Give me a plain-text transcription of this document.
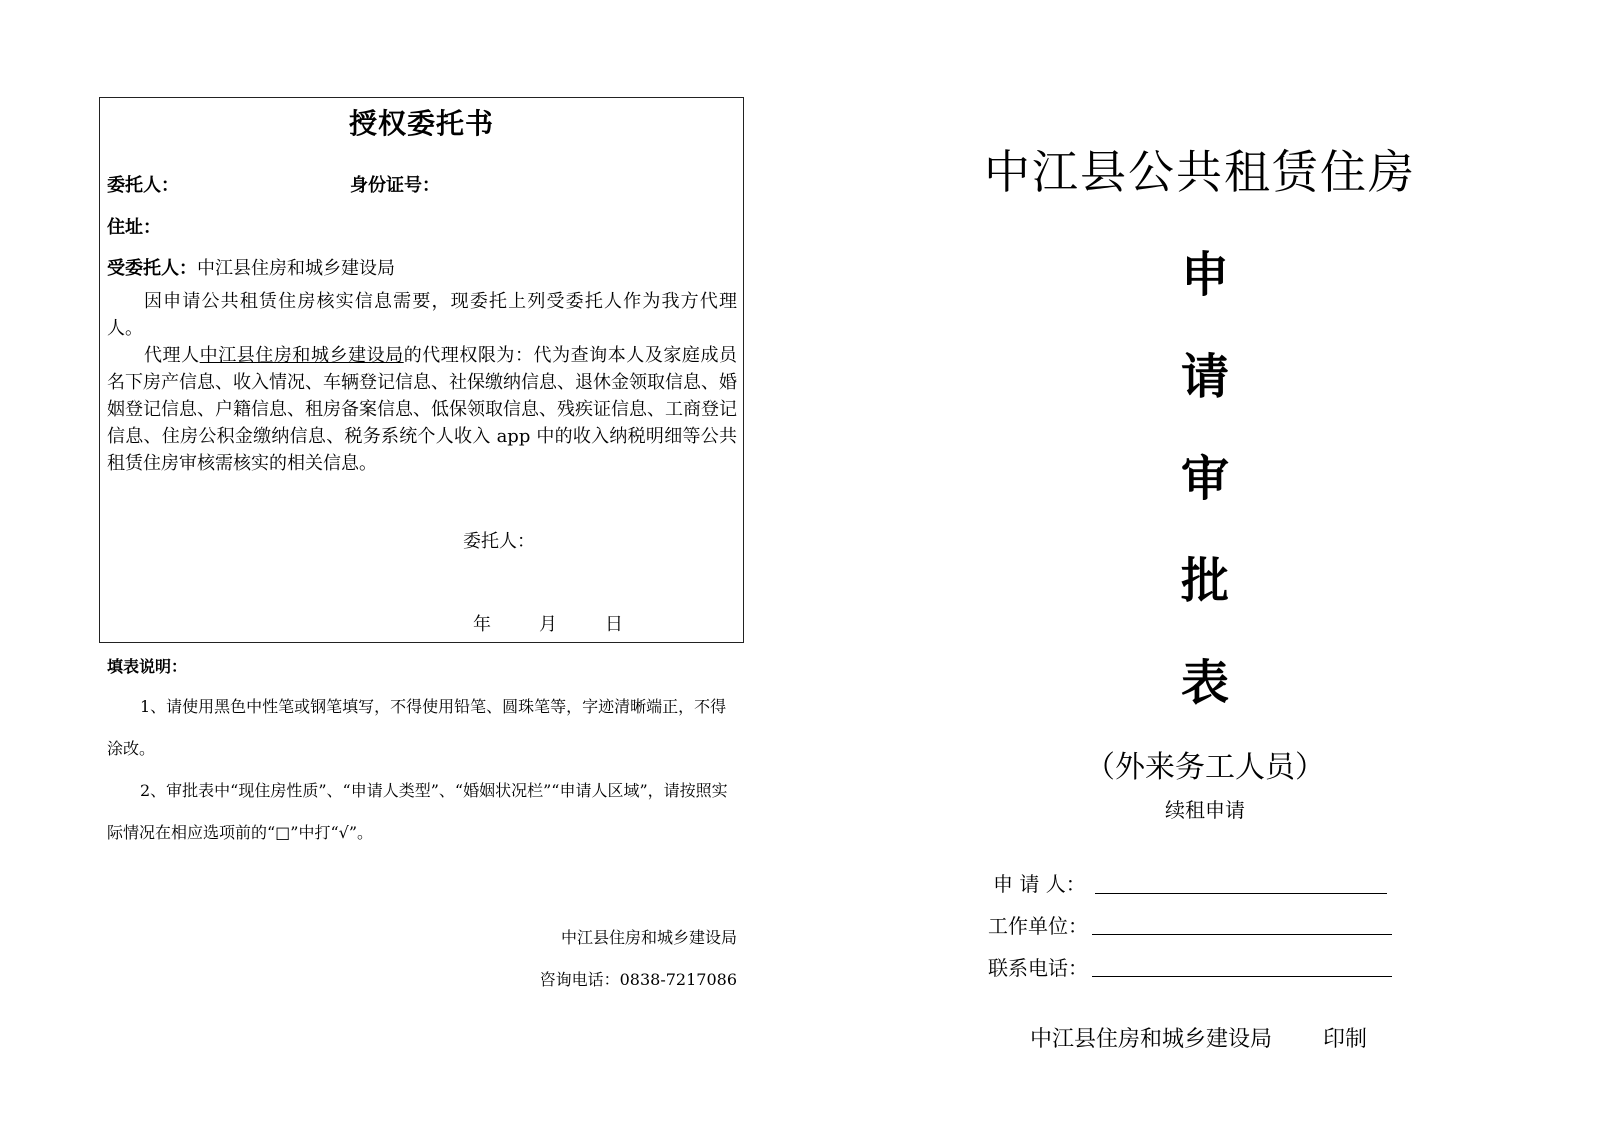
授权委托书
委托人：	身份证号：
住址：
受委托人：中江县住房和城乡建设局
因申请公共租赁住房核实信息需要，现委托上列受委托人作为我方代理人。
代理人中江县住房和城乡建设局的代理权限为：代为查询本人及家庭成员名下房产信息、收入情况、车辆登记信息、社保缴纳信息、退休金领取信息、婚姻登记信息、户籍信息、租房备案信息、低保领取信息、残疾证信息、工商登记信息、住房公积金缴纳信息、税务系统个人收入 app 中的收入纳税明细等公共租赁住房审核需核实的相关信息。
委托人：
年	月	日
填表说明：
1、请使用黑色中性笔或钢笔填写，不得使用铅笔、圆珠笔等，字迹清晰端正，不得涂改。
2、审批表中“现住房性质”、“申请人类型”、“婚姻状况栏”“申请人区域”，请按照实际情况在相应选项前的“□”中打“√”。
中江县住房和城乡建设局
咨询电话：0838-7217086
中江县公共租赁住房
申
请
审
批
表
（外来务工人员）
续租申请
申 请 人：
工作单位：
联系电话：
中江县住房和城乡建设局 印制
